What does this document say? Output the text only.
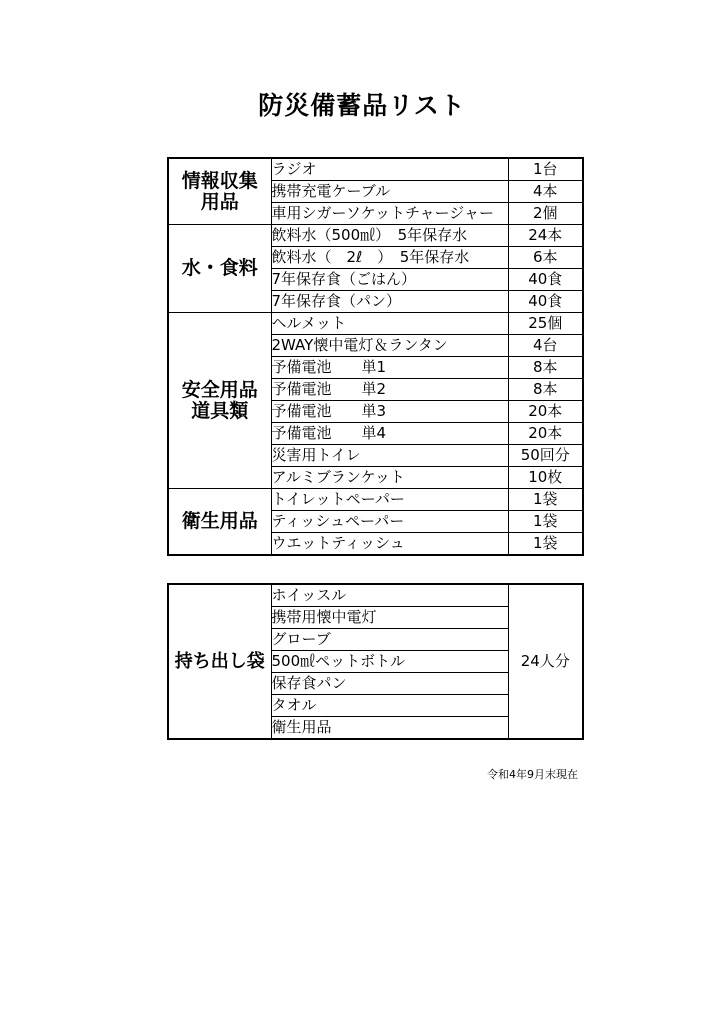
防災備蓄品リスト
情報収集
用品	ラジオ	1台
	携帯充電ケーブル	4本
	車用シガーソケットチャージャー	2個
水・食料	飲料水（500㎖）　5年保存水	24本
	飲料水（　2ℓ　）　5年保存水	6本
	7年保存食（ごはん）	40食
	7年保存食（パン）	40食
安全用品
道具類	ヘルメット	25個
	2WAY懐中電灯＆ランタン	4台
	予備電池　　単1	8本
	予備電池　　単2	8本
	予備電池　　単3	20本
	予備電池　　単4	20本
	災害用トイレ	50回分
	アルミブランケット	10枚
衛生用品	トイレットペーパー	1袋
	ティッシュペーパー	1袋
	ウエットティッシュ	1袋
持ち出し袋	ホイッスル	24人分
携帯用懐中電灯
グローブ
500㎖ペットボトル
保存食パン
タオル
衛生用品
令和4年9月末現在
